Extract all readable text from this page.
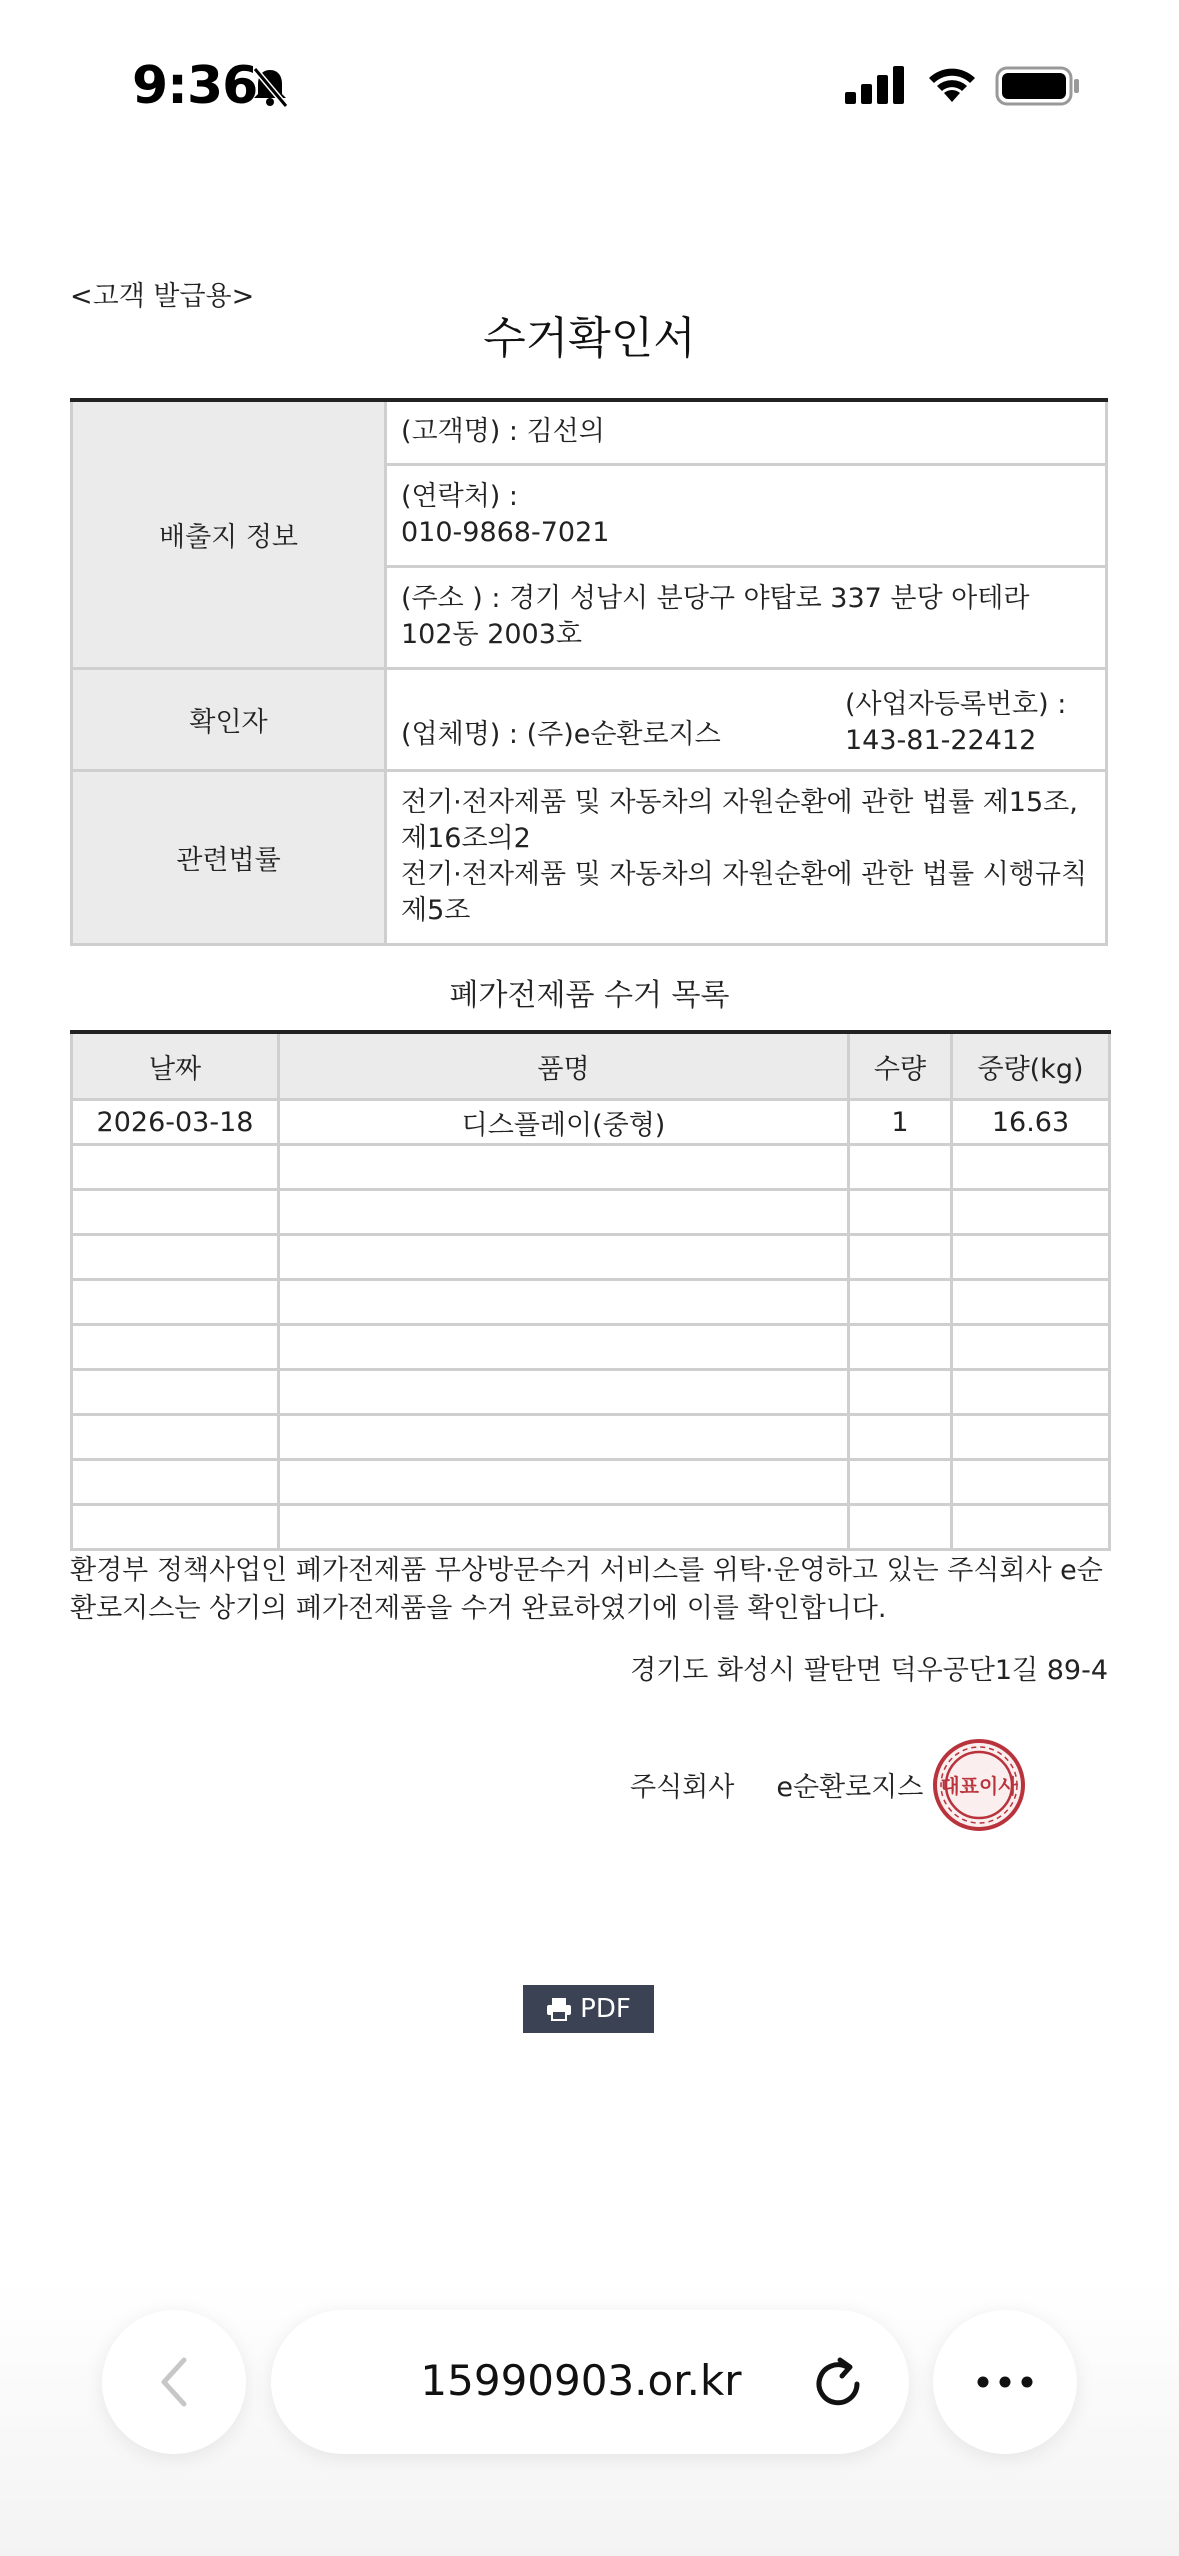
9:36
<고객 발급용>
수거확인서
배출지 정보	(고객명) : 김선의

	(연락처) :
010-9868-7021

	(주소 ) : 경기 성남시 분당구 야탑로 337 분당 아테라
102동 2003호

확인자	(업체명) : (주)e순환로지스
(사업자등록번호) :
143-81-22412

관련법률	전기·전자제품 및 자동차의 자원순환에 관한 법률 제15조,
제16조의2
전기·전자제품 및 자동차의 자원순환에 관한 법률 시행규칙
제5조
폐가전제품 수거 목록
날짜	품명	수량	중량(kg)
2026-03-18	디스플레이(중형)	1	16.63

환경부 정책사업인 폐가전제품 무상방문수거 서비스를 위탁·운영하고 있는 주식회사 e순환로지스는 상기의 폐가전제품을 수거 완료하였기에 이를 확인합니다.
경기도 화성시 팔탄면 덕우공단1길 89-4
주식회사 e순환로지스 대표이사
PDF
15990903.or.kr
